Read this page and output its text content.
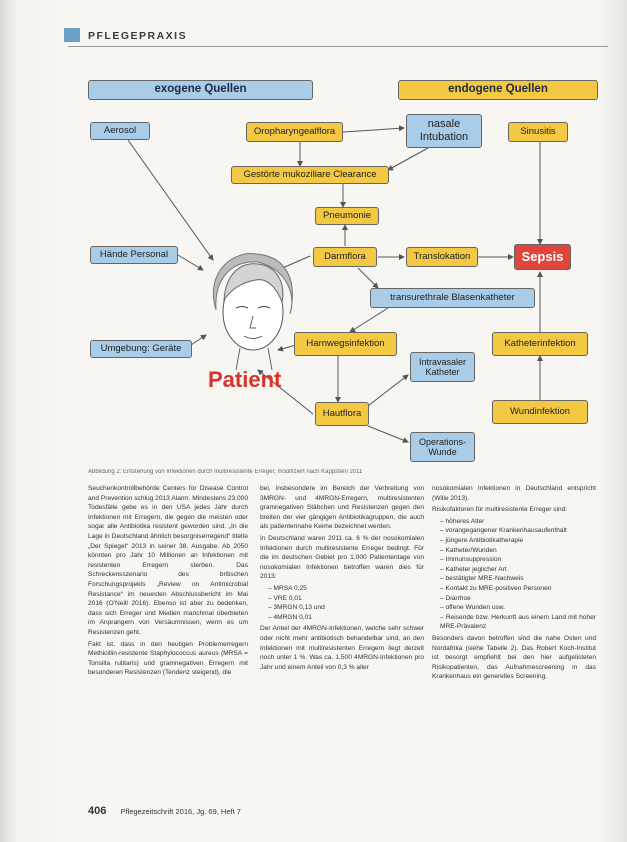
PFLEGEPRAXIS
exogene Quellen	endogene Quellen
Aerosol	Oropharyngealflora
nasale Intubation	Sinusitis
Gestörte mukoziliare Clearance
Pneumonie
Hände Personal	Darmflora	Translokation	Sepsis
transurethrale Blasenkatheter
Umgebung: Geräte	Harnwegsinfektion	Katheterinfektion
Intravasaler Katheter
Hautflora	Wundinfektion
Operations-Wunde
Patient
Abbildung 2: Entstehung von Infektionen durch multiresistente Erreger, modifiziert nach Kappstein 2011

Seuchenkontrollbehörde Centers for Disease Control and Prevention schlug 2013 Alarm. Mindestens 23.000 Todesfälle gebe es in den USA jedes Jahr durch Infektionen mit Erregern, die gegen die meisten oder sogar alle Antibiotika resistent geworden sind. „In die Lage in Deutschland ähnlich besorgniserregend“ titelte „Der Spiegel“ 2013 in seiner 38. Ausgabe. Ab 2050 könnten pro Jahr 10 Millionen an Infektionen mit resistenten Erregern sterben. Das Schreckensszenario des britischen Forschungsprojekts „Review on Antimicrobial Resistance“ im neuesten Abschlussbericht im Mai 2016 (O’Neill 2016). Ebenso ist aber zu bedenken, dass sich Erreger und Medien manchmal überbieten im Anprangern von Versäumnissen, wenn es um Resistenzen geht.

Fakt ist, dass in den heutigen Problemerregern Methicillin-resistente Staphylococcus aureus (MRSA = Tonsilla rutitaris) und gramnegativen Erregern mit besonderen Resistenzen (Tendenz steigend), die

bei, insbesondere im Bereich der Verbreitung von 3MRGN- und 4MRGN-Erregern, multiresistenten gramnegativen Stäbchen und Resistenzen gegen den breiten der vier gängigen Antibiotikagruppen, die auch als patientennahe Keime bezeichnet werden.

In Deutschland waren 2011 ca. 6 % der nosokomialen Infektionen durch multiresistente Erreger bedingt. Für die im deutschen Gebiet pro 1.000 Patiententage von nosokomialen Infektionen betroffen waren dies für 2013:

– MRSA 0,25
– VRE 0,01
– 3MRGN 0,13 und
– 4MRGN 0,01

Der Anteil der 4MRGN-Infektionen, welche sehr schwer oder nicht mehr antibiotisch behandelbar sind, an den Infektionen mit multiresistenten Erregern liegt derzeit noch unter 1 %. Was ca. 1.500 4MRGN-Infektionen pro Jahr und einem Anteil von 0,3 % aller

nosokomialen Infektionen in Deutschland entspricht (Wille 2013).

Risikofaktoren für multiresistente Erreger sind:

– höheres Alter
– vorangegangener Krankenhausaufenthalt
– jüngere Antibiotikatherapie
– Katheter/Wunden
– Immunsuppression
– Katheter jeglicher Art
– bestätigter MRE-Nachweis
– Kontakt zu MRE-positiven Personen
– Diarrhoe
– offene Wunden usw.
– Reisende bzw. Herkunft aus einem Land mit hoher MRE-Prävalenz

Besonders davon betroffen sind die nahe Osten und Nordafrika (siehe Tabelle 2). Das Robert Koch-Institut ist besorgt empfiehlt bei den hier aufgelisteten Risikopatienten, das Aufnahmescreening in das Krankenhaus ein generelles Screening.

406 Pflegezeitschrift 2016, Jg. 69, Heft 7
